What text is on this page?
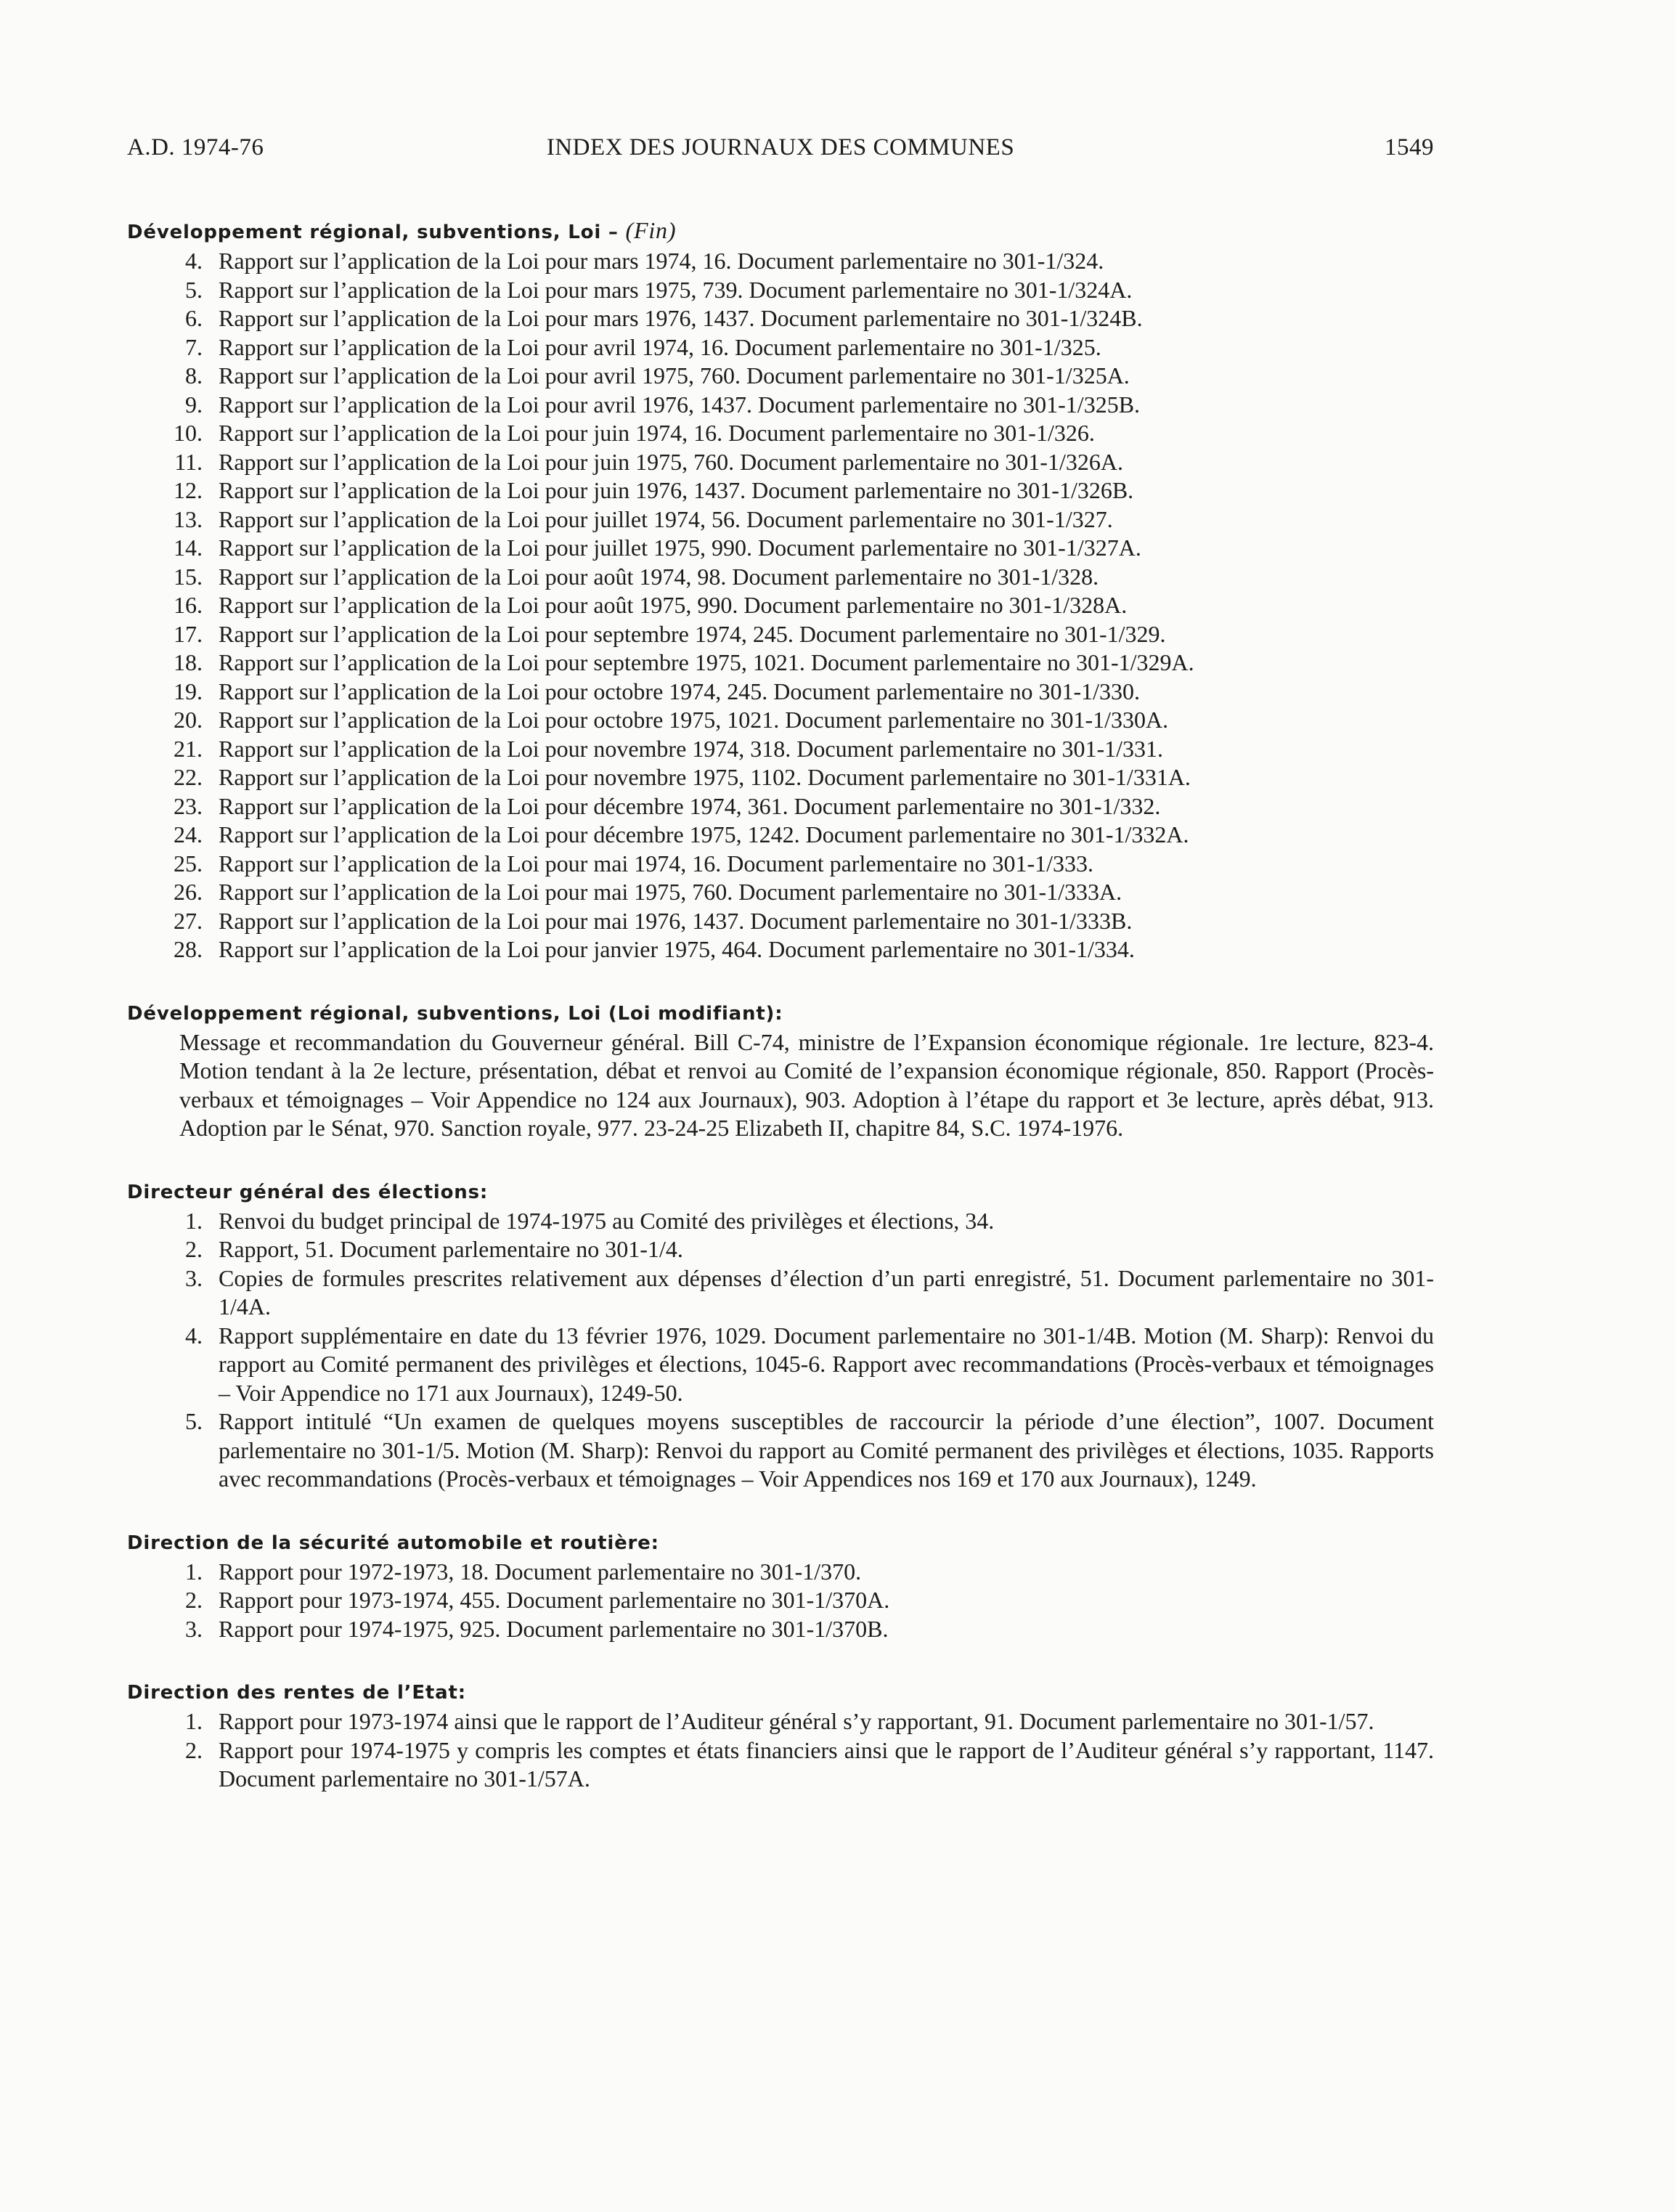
A.D. 1974-76	INDEX DES JOURNAUX DES COMMUNES	1549
Développement régional, subventions, Loi – (Fin)
4. Rapport sur l’application de la Loi pour mars 1974, 16. Document parlementaire no 301-1/324.
5. Rapport sur l’application de la Loi pour mars 1975, 739. Document parlementaire no 301-1/324A.
6. Rapport sur l’application de la Loi pour mars 1976, 1437. Document parlementaire no 301-1/324B.
7. Rapport sur l’application de la Loi pour avril 1974, 16. Document parlementaire no 301-1/325.
8. Rapport sur l’application de la Loi pour avril 1975, 760. Document parlementaire no 301-1/325A.
9. Rapport sur l’application de la Loi pour avril 1976, 1437. Document parlementaire no 301-1/325B.
10. Rapport sur l’application de la Loi pour juin 1974, 16. Document parlementaire no 301-1/326.
11. Rapport sur l’application de la Loi pour juin 1975, 760. Document parlementaire no 301-1/326A.
12. Rapport sur l’application de la Loi pour juin 1976, 1437. Document parlementaire no 301-1/326B.
13. Rapport sur l’application de la Loi pour juillet 1974, 56. Document parlementaire no 301-1/327.
14. Rapport sur l’application de la Loi pour juillet 1975, 990. Document parlementaire no 301-1/327A.
15. Rapport sur l’application de la Loi pour août 1974, 98. Document parlementaire no 301-1/328.
16. Rapport sur l’application de la Loi pour août 1975, 990. Document parlementaire no 301-1/328A.
17. Rapport sur l’application de la Loi pour septembre 1974, 245. Document parlementaire no 301-1/329.
18. Rapport sur l’application de la Loi pour septembre 1975, 1021. Document parlementaire no 301-1/329A.
19. Rapport sur l’application de la Loi pour octobre 1974, 245. Document parlementaire no 301-1/330.
20. Rapport sur l’application de la Loi pour octobre 1975, 1021. Document parlementaire no 301-1/330A.
21. Rapport sur l’application de la Loi pour novembre 1974, 318. Document parlementaire no 301-1/331.
22. Rapport sur l’application de la Loi pour novembre 1975, 1102. Document parlementaire no 301-1/331A.
23. Rapport sur l’application de la Loi pour décembre 1974, 361. Document parlementaire no 301-1/332.
24. Rapport sur l’application de la Loi pour décembre 1975, 1242. Document parlementaire no 301-1/332A.
25. Rapport sur l’application de la Loi pour mai 1974, 16. Document parlementaire no 301-1/333.
26. Rapport sur l’application de la Loi pour mai 1975, 760. Document parlementaire no 301-1/333A.
27. Rapport sur l’application de la Loi pour mai 1976, 1437. Document parlementaire no 301-1/333B.
28. Rapport sur l’application de la Loi pour janvier 1975, 464. Document parlementaire no 301-1/334.
Développement régional, subventions, Loi (Loi modifiant):
Message et recommandation du Gouverneur général. Bill C-74, ministre de l’Expansion économique régionale. 1re lecture, 823-4. Motion tendant à la 2e lecture, présentation, débat et renvoi au Comité de l’expansion économique régionale, 850. Rapport (Procès-verbaux et témoignages – Voir Appendice no 124 aux Journaux), 903. Adoption à l’étape du rapport et 3e lecture, après débat, 913. Adoption par le Sénat, 970. Sanction royale, 977. 23-24-25 Elizabeth II, chapitre 84, S.C. 1974-1976.
Directeur général des élections:
1. Renvoi du budget principal de 1974-1975 au Comité des privilèges et élections, 34.
2. Rapport, 51. Document parlementaire no 301-1/4.
3. Copies de formules prescrites relativement aux dépenses d’élection d’un parti enregistré, 51. Document parlementaire no 301-1/4A.
4. Rapport supplémentaire en date du 13 février 1976, 1029. Document parlementaire no 301-1/4B. Motion (M. Sharp): Renvoi du rapport au Comité permanent des privilèges et élections, 1045-6. Rapport avec recommandations (Procès-verbaux et témoignages – Voir Appendice no 171 aux Journaux), 1249-50.
5. Rapport intitulé “Un examen de quelques moyens susceptibles de raccourcir la période d’une élection”, 1007. Document parlementaire no 301-1/5. Motion (M. Sharp): Renvoi du rapport au Comité permanent des privilèges et élections, 1035. Rapports avec recommandations (Procès-verbaux et témoignages – Voir Appendices nos 169 et 170 aux Journaux), 1249.
Direction de la sécurité automobile et routière:
1. Rapport pour 1972-1973, 18. Document parlementaire no 301-1/370.
2. Rapport pour 1973-1974, 455. Document parlementaire no 301-1/370A.
3. Rapport pour 1974-1975, 925. Document parlementaire no 301-1/370B.
Direction des rentes de l’Etat:
1. Rapport pour 1973-1974 ainsi que le rapport de l’Auditeur général s’y rapportant, 91. Document parlementaire no 301-1/57.
2. Rapport pour 1974-1975 y compris les comptes et états financiers ainsi que le rapport de l’Auditeur général s’y rapportant, 1147. Document parlementaire no 301-1/57A.
